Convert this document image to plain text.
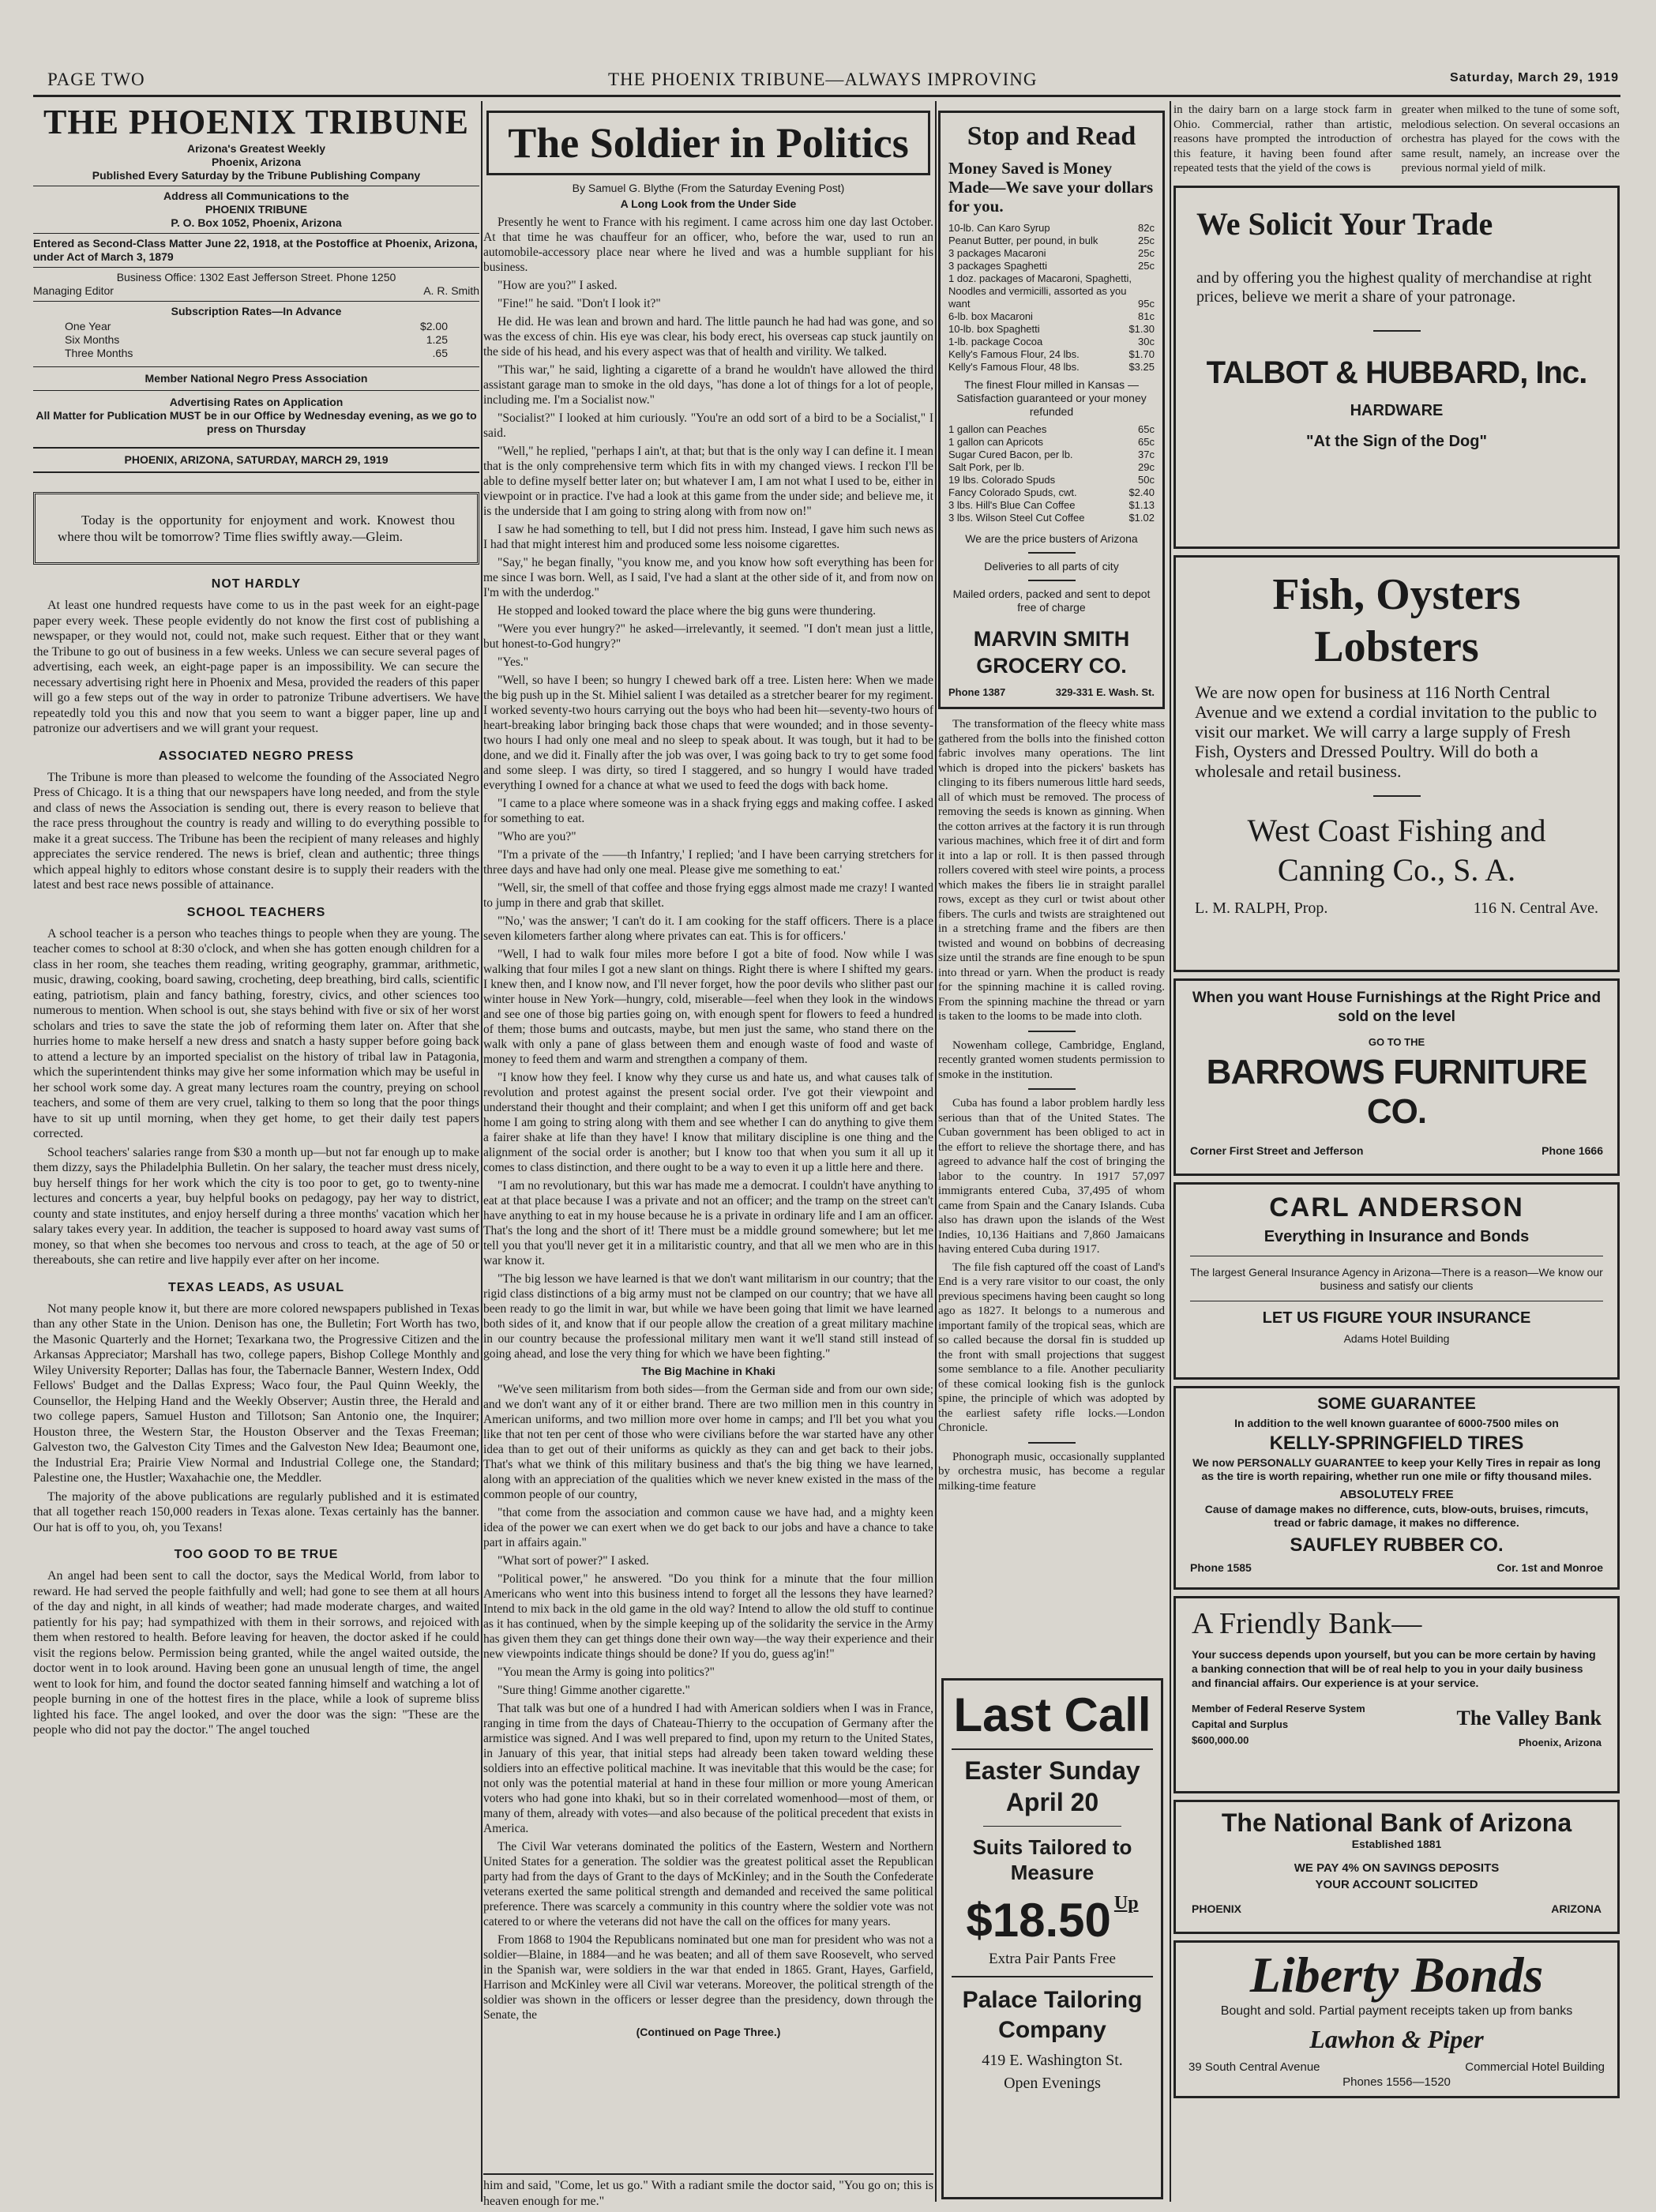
PAGE TWO	THE PHOENIX TRIBUNE—ALWAYS IMPROVING	Saturday, March 29, 1919
THE PHOENIX TRIBUNE
Arizona's Greatest Weekly
Phoenix, Arizona
Published Every Saturday by the Tribune Publishing Company
Address all Communications to the
PHOENIX TRIBUNE
P. O. Box 1052, Phoenix, Arizona
Entered as Second-Class Matter June 22, 1918, at the Postoffice at Phoenix, Arizona, under Act of March 3, 1879
Business Office: 1302 East Jefferson Street. Phone 1250
Managing Editor	A. R. Smith
Subscription Rates—In Advance
One Year	$2.00
Six Months	1.25
Three Months	.65
Member National Negro Press Association
Advertising Rates on Application
All Matter for Publication MUST be in our Office by Wednesday evening, as we go to press on Thursday
PHOENIX, ARIZONA, SATURDAY, MARCH 29, 1919
Today is the opportunity for enjoyment and work. Knowest thou where thou wilt be tomorrow? Time flies swiftly away.—Gleim.
NOT HARDLY

At least one hundred requests have come to us in the past week for an eight-page paper every week. These people evidently do not know the first cost of publishing a newspaper, or they would not, could not, make such request. Either that or they want the Tribune to go out of business in a few weeks. Unless we can secure several pages of advertising, each week, an eight-page paper is an impossibility. We can secure the necessary advertising right here in Phoenix and Mesa, provided the readers of this paper will go a few steps out of the way in order to patronize Tribune advertisers. We have repeatedly told you this and now that you seem to want a bigger paper, line up and patronize our advertisers and we will grant your request.

ASSOCIATED NEGRO PRESS

The Tribune is more than pleased to welcome the founding of the Associated Negro Press of Chicago. It is a thing that our newspapers have long needed, and from the style and class of news the Association is sending out, there is every reason to believe that the race press throughout the country is ready and willing to do everything possible to make it a great success. The Tribune has been the recipient of many releases and highly appreciates the service rendered. The news is brief, clean and authentic; three things which appeal highly to editors whose constant desire is to supply their readers with the latest and best race news possible of attainance.

SCHOOL TEACHERS

A school teacher is a person who teaches things to people when they are young. The teacher comes to school at 8:30 o'clock, and when she has gotten enough children for a class in her room, she teaches them reading, writing geography, grammar, arithmetic, music, drawing, cooking, board sawing, crocheting, deep breathing, bird calls, scientific eating, patriotism, plain and fancy bathing, forestry, civics, and other sciences too numerous to mention. When school is out, she stays behind with five or six of her worst scholars and tries to save the state the job of reforming them later on. After that she hurries home to make herself a new dress and snatch a hasty supper before going back to attend a lecture by an imported specialist on the history of tribal law in Patagonia, which the superintendent thinks may give her some information which may be useful in her school work some day. A great many lectures roam the country, preying on school teachers, and some of them are very cruel, talking to them so long that the poor things have to sit up until morning, when they get home, to get their daily test papers corrected.

School teachers' salaries range from $30 a month up—but not far enough up to make them dizzy, says the Philadelphia Bulletin. On her salary, the teacher must dress nicely, buy herself things for her work which the city is too poor to get, go to twenty-nine lectures and concerts a year, buy helpful books on pedagogy, pay her way to district, county and state institutes, and enjoy herself during a three months' vacation which her salary takes every year. In addition, the teacher is supposed to hoard away vast sums of money, so that when she becomes too nervous and cross to teach, at the age of 50 or thereabouts, she can retire and live happily ever after on her income.

TEXAS LEADS, AS USUAL

Not many people know it, but there are more colored newspapers published in Texas than any other State in the Union. Denison has one, the Bulletin; Fort Worth has two, the Masonic Quarterly and the Hornet; Texarkana two, the Progressive Citizen and the Arkansas Appreciator; Marshall has two, college papers, Bishop College Monthly and Wiley University Reporter; Dallas has four, the Tabernacle Banner, Western Index, Odd Fellows' Budget and the Dallas Express; Waco four, the Paul Quinn Weekly, the Counsellor, the Helping Hand and the Weekly Observer; Austin three, the Herald and two college papers, Samuel Huston and Tillotson; San Antonio one, the Inquirer; Houston three, the Western Star, the Houston Observer and the Texas Freeman; Galveston two, the Galveston City Times and the Galveston New Idea; Beaumont one, the Industrial Era; Prairie View Normal and Industrial College one, the Standard; Palestine one, the Hustler; Waxahachie one, the Meddler.

The majority of the above publications are regularly published and it is estimated that all together reach 150,000 readers in Texas alone. Texas certainly has the banner. Our hat is off to you, oh, you Texans!

TOO GOOD TO BE TRUE

An angel had been sent to call the doctor, says the Medical World, from labor to reward. He had served the people faithfully and well; had gone to see them at all hours of the day and night, in all kinds of weather; had made moderate charges, and waited patiently for his pay; had sympathized with them in their sorrows, and rejoiced with them when restored to health. Before leaving for heaven, the doctor asked if he could visit the regions below. Permission being granted, while the angel waited outside, the doctor went in to look around. Having been gone an unusual length of time, the angel went to look for him, and found the doctor seated fanning himself and watching a lot of people burning in one of the hottest fires in the place, while a look of supreme bliss lighted his face. The angel looked, and over the door was the sign: "These are the people who did not pay the doctor." The angel touched

The Soldier in Politics
By Samuel G. Blythe (From the Saturday Evening Post)
A Long Look from the Under Side

Presently he went to France with his regiment. I came across him one day last October. At that time he was chauffeur for an officer, who, before the war, used to run an automobile-accessory place near where he lived and was a humble suppliant for his business.

"How are you?" I asked.

"Fine!" he said. "Don't I look it?"

He did. He was lean and brown and hard. The little paunch he had had was gone, and so was the excess of chin. His eye was clear, his body erect, his overseas cap stuck jauntily on the side of his head, and his every aspect was that of health and virility. We talked.

"This war," he said, lighting a cigarette of a brand he wouldn't have allowed the third assistant garage man to smoke in the old days, "has done a lot of things for a lot of people, including me. I'm a Socialist now."

"Socialist?" I looked at him curiously. "You're an odd sort of a bird to be a Socialist," I said.

"Well," he replied, "perhaps I ain't, at that; but that is the only way I can define it. I mean that is the only comprehensive term which fits in with my changed views. I reckon I'll be able to define myself better later on; but whatever I am, I am not what I used to be, either in viewpoint or in practice. I've had a look at this game from the under side; and believe me, it is the underside that I am going to string along with from now on!"

I saw he had something to tell, but I did not press him. Instead, I gave him such news as I had that might interest him and produced some less noisome cigarettes.

"Say," he began finally, "you know me, and you know how soft everything has been for me since I was born. Well, as I said, I've had a slant at the other side of it, and from now on I'm with the underdog."

He stopped and looked toward the place where the big guns were thundering.

"Were you ever hungry?" he asked—irrelevantly, it seemed. "I don't mean just a little, but honest-to-God hungry?"

"Yes."

"Well, so have I been; so hungry I chewed bark off a tree. Listen here: When we made the big push up in the St. Mihiel salient I was detailed as a stretcher bearer for my regiment. I worked seventy-two hours carrying out the boys who had been hit—seventy-two hours of heart-breaking labor bringing back those chaps that were wounded; and in those seventy-two hours I had only one meal and no sleep to speak about. It was tough, but it had to be done, and we did it. Finally after the job was over, I was going back to try to get some food and some sleep. I was dirty, so tired I staggered, and so hungry I would have traded everything I owned for a chance at what we used to feed the dogs with back home.

"I came to a place where someone was in a shack frying eggs and making coffee. I asked for something to eat.

"Who are you?"

"I'm a private of the ——th Infantry,' I replied; 'and I have been carrying stretchers for three days and have had only one meal. Please give me something to eat.'

"Well, sir, the smell of that coffee and those frying eggs almost made me crazy! I wanted to jump in there and grab that skillet.

"'No,' was the answer; 'I can't do it. I am cooking for the staff officers. There is a place seven kilometers farther along where privates can eat. This is for officers.'

"Well, I had to walk four miles more before I got a bite of food. Now while I was walking that four miles I got a new slant on things. Right there is where I shifted my gears. I knew then, and I know now, and I'll never forget, how the poor devils who slither past our winter house in New York—hungry, cold, miserable—feel when they look in the windows and see one of those big parties going on, with enough spent for flowers to feed a hundred of them; those bums and outcasts, maybe, but men just the same, who stand there on the walk with only a pane of glass between them and enough waste of food and waste of money to feed them and warm and strengthen a company of them.

"I know how they feel. I know why they curse us and hate us, and what causes talk of revolution and protest against the present social order. I've got their viewpoint and understand their thought and their complaint; and when I get this uniform off and get back home I am going to string along with them and see whether I can do anything to give them a fairer shake at life than they have! I know that military discipline is one thing and the alignment of the social order is another; but I know too that when you sum it all up it comes to class distinction, and there ought to be a way to even it up a little here and there.

"I am no revolutionary, but this war has made me a democrat. I couldn't have anything to eat at that place because I was a private and not an officer; and the tramp on the street can't have anything to eat in my house because he is a private in ordinary life and I am an officer. That's the long and the short of it! There must be a middle ground somewhere; but let me tell you that you'll never get it in a militaristic country, and that all we men who are in this war know it.

"The big lesson we have learned is that we don't want militarism in our country; that the rigid class distinctions of a big army must not be clamped on our country; that we have all been ready to go the limit in war, but while we have been going that limit we have learned both sides of it, and know that if our people allow the creation of a great military machine in our country because the professional military men want it we'll stand still instead of going ahead, and lose the very thing for which we have been fighting."

The Big Machine in Khaki

"We've seen militarism from both sides—from the German side and from our own side; and we don't want any of it or either brand. There are two million men in this country in American uniforms, and two million more over home in camps; and I'll bet you what you like that not ten per cent of those who were civilians before the war started have any other idea than to get out of their uniforms as quickly as they can and get back to their jobs. That's what we think of this military business and that's the big thing we have learned, along with an appreciation of the qualities which we never knew existed in the mass of the common people of our country,

"that come from the association and common cause we have had, and a mighty keen idea of the power we can exert when we do get back to our jobs and have a chance to take part in affairs again."

"What sort of power?" I asked.

"Political power," he answered. "Do you think for a minute that the four million Americans who went into this business intend to forget all the lessons they have learned? Intend to mix back in the old game in the old way? Intend to allow the old stuff to continue as it has continued, when by the simple keeping up of the solidarity the service in the Army has given them they can get things done their own way—the way their experience and their new viewpoints indicate things should be done? If you do, guess ag'in!"

"You mean the Army is going into politics?"

"Sure thing! Gimme another cigarette."

That talk was but one of a hundred I had with American soldiers when I was in France, ranging in time from the days of Chateau-Thierry to the occupation of Germany after the armistice was signed. And I was well prepared to find, upon my return to the United States, in January of this year, that initial steps had already been taken toward welding these soldiers into an effective political machine. It was inevitable that this would be the case; for not only was the potential material at hand in these four million or more young American voters who had gone into khaki, but so in their correlated womenhood—most of them, or many of them, already with votes—and also because of the political precedent that exists in America.

The Civil War veterans dominated the politics of the Eastern, Western and Northern United States for a generation. The soldier was the greatest political asset the Republican party had from the days of Grant to the days of McKinley; and in the South the Confederate veterans exerted the same political strength and demanded and received the same political preference. There was scarcely a community in this country where the soldier vote was not catered to or where the veterans did not have the call on the offices for many years.

From 1868 to 1904 the Republicans nominated but one man for president who was not a soldier—Blaine, in 1884—and he was beaten; and all of them save Roosevelt, who served in the Spanish war, were soldiers in the war that ended in 1865. Grant, Hayes, Garfield, Harrison and McKinley were all Civil war veterans. Moreover, the political strength of the soldier was shown in the officers or lesser degree than the presidency, down through the Senate, the

(Continued on Page Three.)

him and said, "Come, let us go." With a radiant smile the doctor said, "You go on; this is heaven enough for me."

Stop and Read
Money Saved is Money Made—We save your dollars for you.
10-lb. Can Karo Syrup	82c
Peanut Butter, per pound, in bulk	25c
3 packages Macaroni	25c
3 packages Spaghetti	25c
1 doz. packages of Macaroni, Spaghetti, Noodles and vermicilli, assorted as you want	95c
6-lb. box Macaroni	81c
10-lb. box Spaghetti	$1.30
1-lb. package Cocoa	30c
Kelly's Famous Flour, 24 lbs.	$1.70
Kelly's Famous Flour, 48 lbs.	$3.25
The finest Flour milled in Kansas —Satisfaction guaranteed or your money refunded
1 gallon can Peaches	65c
1 gallon can Apricots	65c
Sugar Cured Bacon, per lb.	37c
Salt Pork, per lb.	29c
19 lbs. Colorado Spuds	50c
Fancy Colorado Spuds, cwt.	$2.40
3 lbs. Hill's Blue Can Coffee	$1.13
3 lbs. Wilson Steel Cut Coffee	$1.02
We are the price busters of Arizona
Deliveries to all parts of city
Mailed orders, packed and sent to depot free of charge
MARVIN SMITH GROCERY CO.
Phone 1387	329-331 E. Wash. St.

The transformation of the fleecy white mass gathered from the bolls into the finished cotton fabric involves many operations. The lint which is droped into the pickers' baskets has clinging to its fibers numerous little hard seeds, all of which must be removed. The process of removing the seeds is known as ginning. When the cotton arrives at the factory it is run through various machines, which free it of dirt and form it into a lap or roll. It is then passed through rollers covered with steel wire points, a process which makes the fibers lie in straight parallel rows, except as they curl or twist about other fibers. The curls and twists are straightened out in a stretching frame and the fibers are then twisted and wound on bobbins of decreasing size until the strands are fine enough to be spun into thread or yarn. When the product is ready for the spinning machine it is called roving. From the spinning machine the thread or yarn is taken to the looms to be made into cloth.

Nowenham college, Cambridge, England, recently granted women students permission to smoke in the institution.

Cuba has found a labor problem hardly less serious than that of the United States. The Cuban government has been obliged to act in the effort to relieve the shortage there, and has agreed to advance half the cost of bringing the labor to the country. In 1917 57,097 immigrants entered Cuba, 37,495 of whom came from Spain and the Canary Islands. Cuba also has drawn upon the islands of the West Indies, 10,136 Haitians and 7,860 Jamaicans having entered Cuba during 1917.

The file fish captured off the coast of Land's End is a very rare visitor to our coast, the only previous specimens having been caught so long ago as 1827. It belongs to a numerous and important family of the tropical seas, which are so called because the dorsal fin is studded up the front with small projections that suggest some semblance to a file. Another peculiarity of these comical looking fish is the gunlock spine, the principle of which was adopted by the earliest safety rifle locks.—London Chronicle.

Phonograph music, occasionally supplanted by orchestra music, has become a regular milking-time feature

Last Call
Easter Sunday April 20
Suits Tailored to Measure
$18.50 Up
Extra Pair Pants Free
Palace Tailoring Company
419 E. Washington St.
Open Evenings

in the dairy barn on a large stock farm in Ohio. Commercial, rather than artistic, reasons have prompted the introduction of this feature, it having been found after repeated tests that the yield of the cows is

greater when milked to the tune of some soft, melodious selection. On several occasions an orchestra has played for the cows with the same result, namely, an increase over the previous normal yield of milk.

We Solicit Your Trade
and by offering you the highest quality of merchandise at right prices, believe we merit a share of your patronage.
TALBOT & HUBBARD, Inc.
HARDWARE
"At the Sign of the Dog"
Fish, Oysters Lobsters
We are now open for business at 116 North Central Avenue and we extend a cordial invitation to the public to visit our market. We will carry a large supply of Fresh Fish, Oysters and Dressed Poultry. Will do both a wholesale and retail business.
West Coast Fishing and Canning Co., S. A.
L. M. RALPH, Prop.	116 N. Central Ave.
When you want House Furnishings at the Right Price and sold on the level
GO TO THE
BARROWS FURNITURE CO.
Corner First Street and Jefferson	Phone 1666
CARL ANDERSON
Everything in Insurance and Bonds
The largest General Insurance Agency in Arizona—There is a reason—We know our business and satisfy our clients
LET US FIGURE YOUR INSURANCE
Adams Hotel Building
SOME GUARANTEE
In addition to the well known guarantee of 6000-7500 miles on
KELLY-SPRINGFIELD TIRES
We now PERSONALLY GUARANTEE to keep your Kelly Tires in repair as long as the tire is worth repairing, whether run one mile or fifty thousand miles.
ABSOLUTELY FREE
Cause of damage makes no difference, cuts, blow-outs, bruises, rimcuts, tread or fabric damage, it makes no difference.
SAUFLEY RUBBER CO.
Phone 1585	Cor. 1st and Monroe
A Friendly Bank—
Your success depends upon yourself, but you can be more certain by having a banking connection that will be of real help to you in your daily business and financial affairs. Our experience is at your service.
Member of Federal Reserve System
Capital and Surplus
$600,000.00
The Valley Bank
Phoenix, Arizona
The National Bank of Arizona
Established 1881
WE PAY 4% ON SAVINGS DEPOSITS
YOUR ACCOUNT SOLICITED
PHOENIX	ARIZONA
Liberty Bonds
Bought and sold. Partial payment receipts taken up from banks
Lawhon & Piper
39 South Central Avenue	Commercial Hotel Building
Phones 1556—1520
